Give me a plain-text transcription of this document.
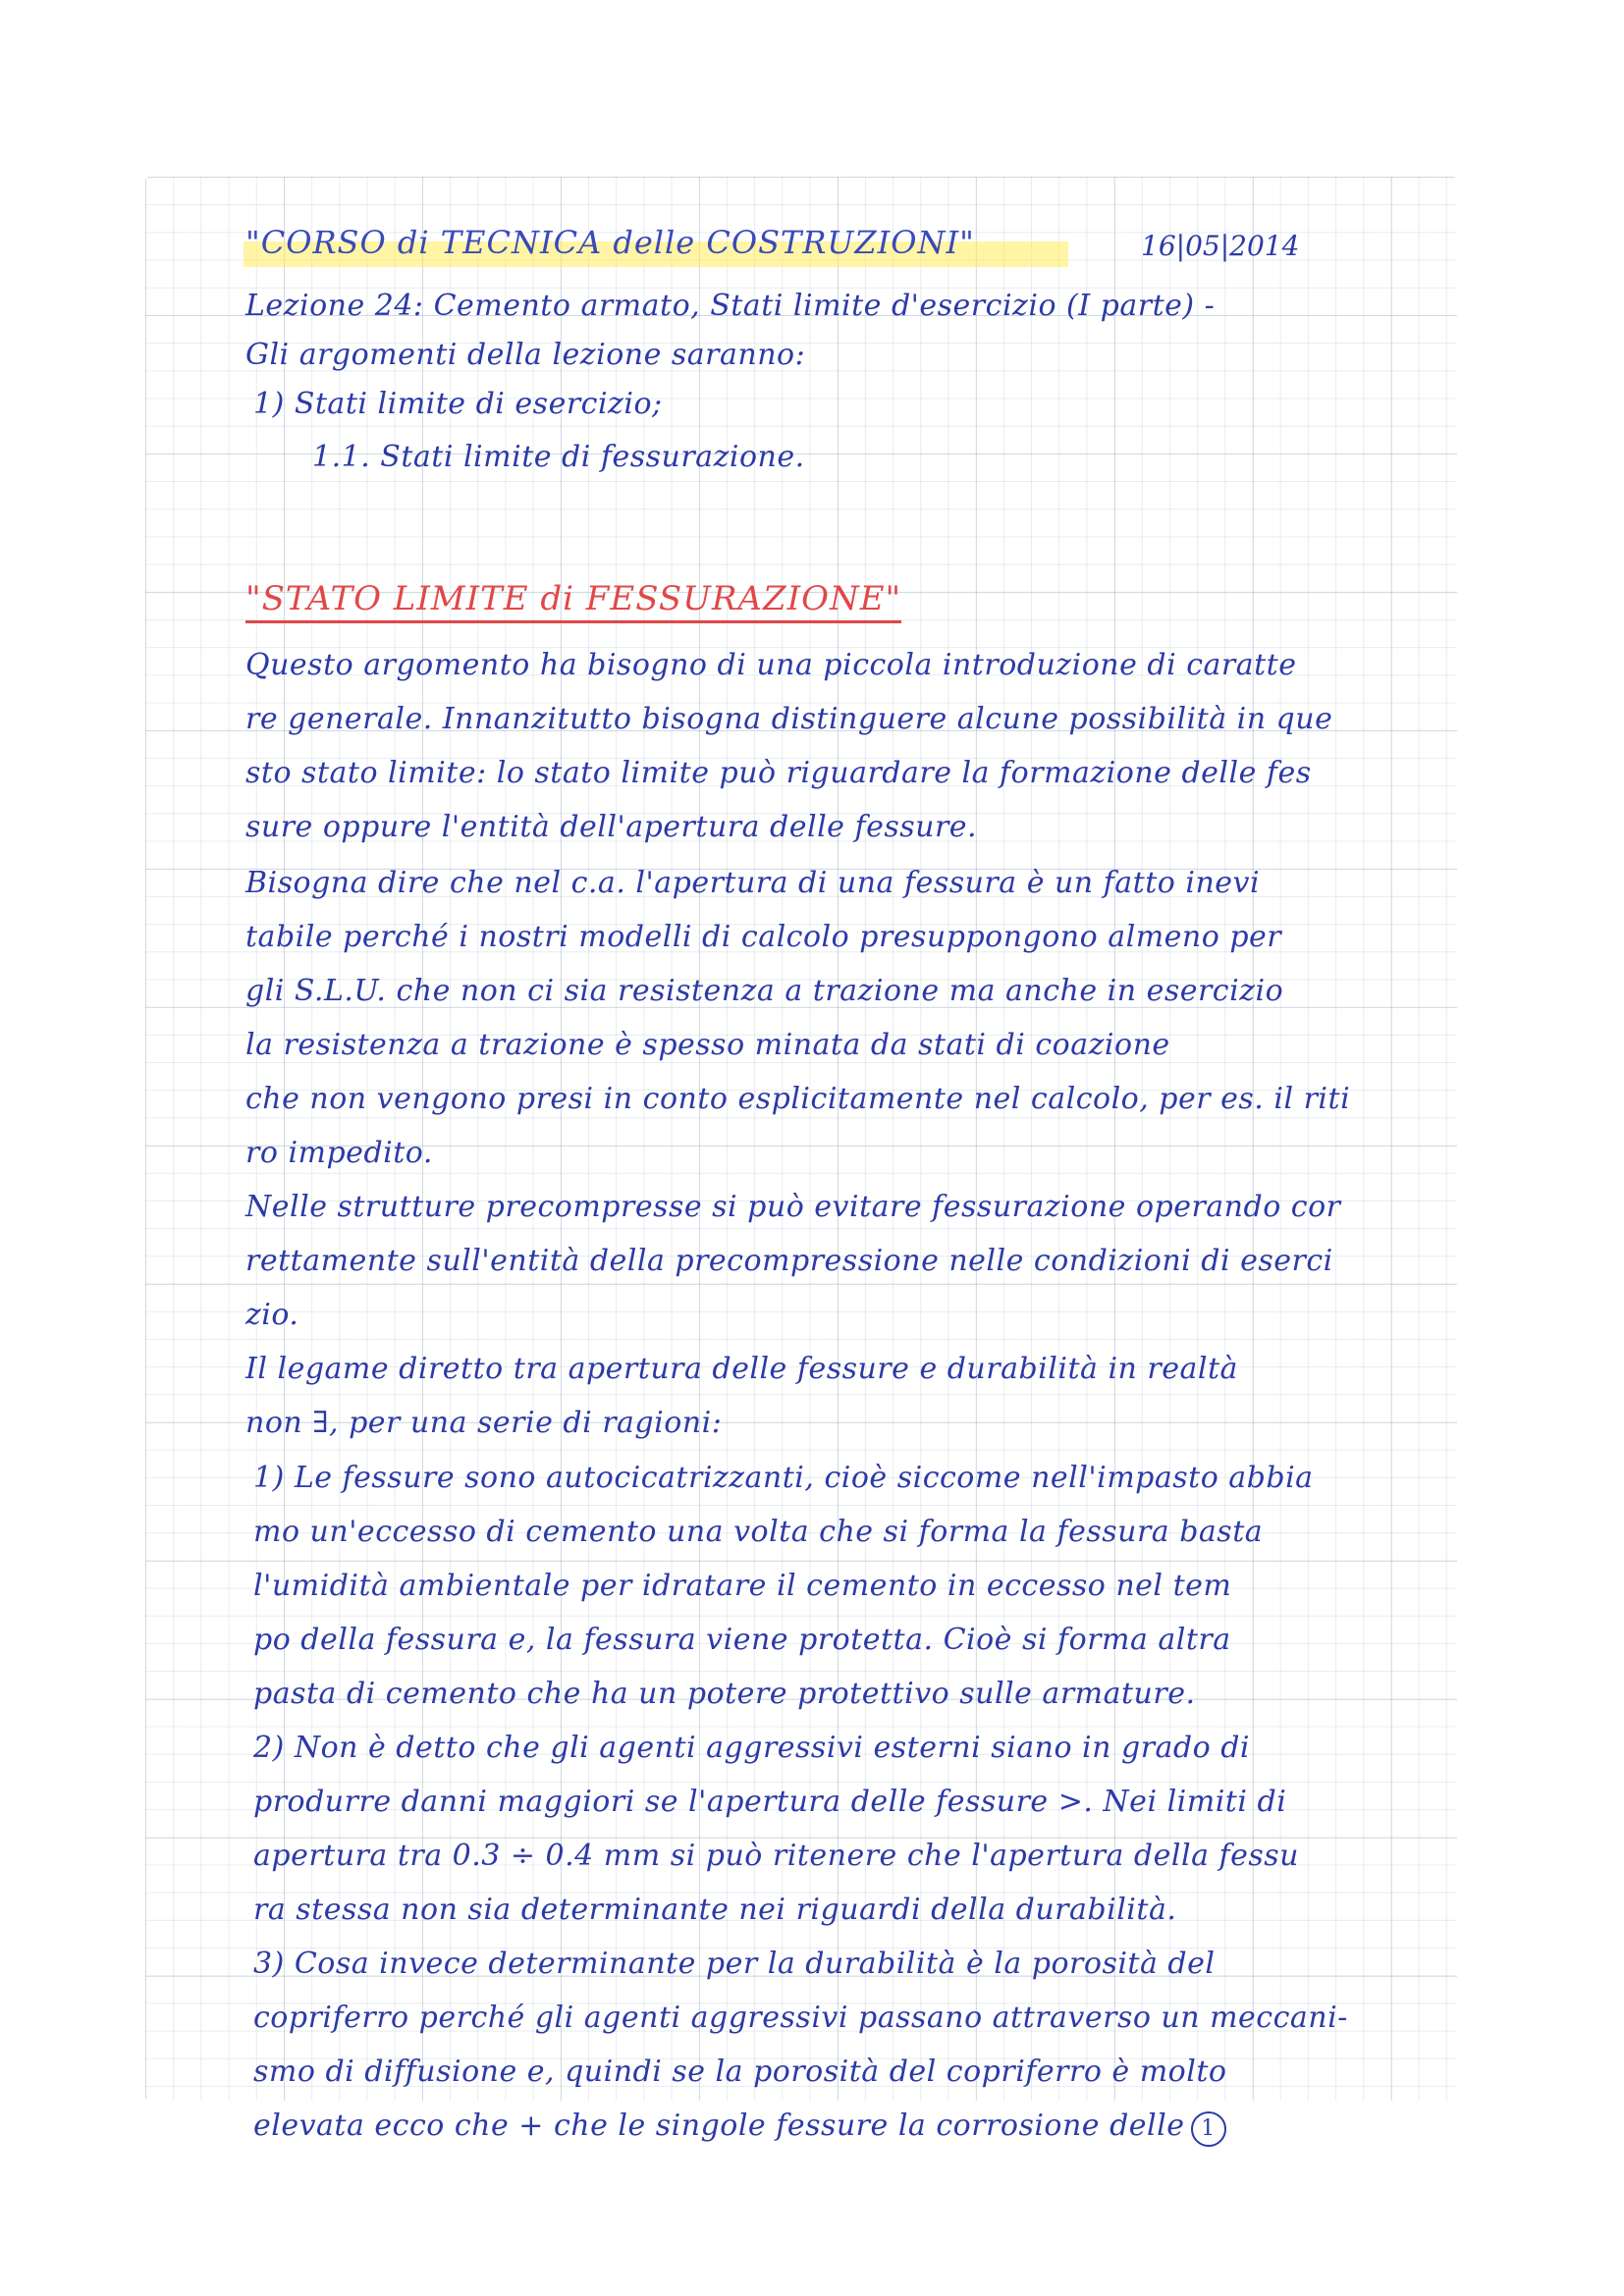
"CORSO di TECNICA delle COSTRUZIONI"	16|05|2014
Lezione 24: Cemento armato, Stati limite d'esercizio (I parte) -
Gli argomenti della lezione saranno:
1) Stati limite di esercizio;
1.1. Stati limite di fessurazione.
"STATO LIMITE di FESSURAZIONE"
Questo argomento ha bisogno di una piccola introduzione di caratte
re generale. Innanzitutto bisogna distinguere alcune possibilità in que
sto stato limite: lo stato limite può riguardare la formazione delle fes
sure oppure l'entità dell'apertura delle fessure.
Bisogna dire che nel c.a. l'apertura di una fessura è un fatto inevi
tabile perché i nostri modelli di calcolo presuppongono almeno per
gli S.L.U. che non ci sia resistenza a trazione ma anche in esercizio
la resistenza a trazione è spesso minata da stati di coazione
che non vengono presi in conto esplicitamente nel calcolo, per es. il riti
ro impedito.
Nelle strutture precompresse si può evitare fessurazione operando cor
rettamente sull'entità della precompressione nelle condizioni di eserci
zio.
Il legame diretto tra apertura delle fessure e durabilità in realtà
non ∃, per una serie di ragioni:
1) Le fessure sono autocicatrizzanti, cioè siccome nell'impasto abbia
mo un'eccesso di cemento una volta che si forma la fessura basta
l'umidità ambientale per idratare il cemento in eccesso nel tem
po della fessura e, la fessura viene protetta. Cioè si forma altra
pasta di cemento che ha un potere protettivo sulle armature.
2) Non è detto che gli agenti aggressivi esterni siano in grado di
produrre danni maggiori se l'apertura delle fessure >. Nei limiti di
apertura tra 0.3 ÷ 0.4 mm si può ritenere che l'apertura della fessu
ra stessa non sia determinante nei riguardi della durabilità.
3) Cosa invece determinante per la durabilità è la porosità del
copriferro perché gli agenti aggressivi passano attraverso un meccani-
smo di diffusione e, quindi se la porosità del copriferro è molto
elevata ecco che + che le singole fessure la corrosione delle 1
